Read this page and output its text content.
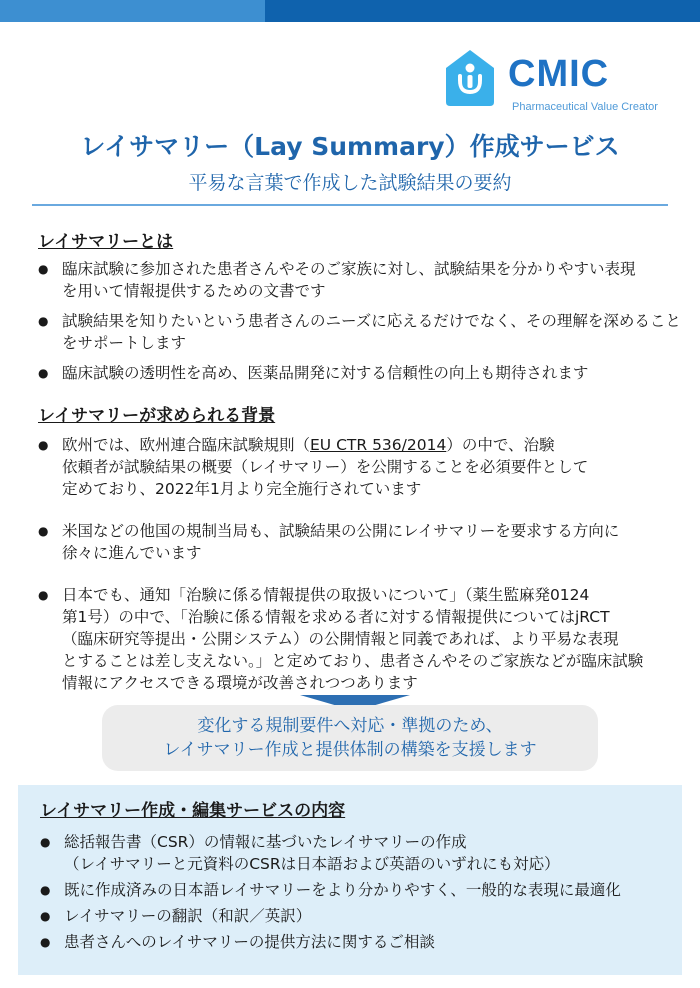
CMIC
Pharmaceutical Value Creator
レイサマリー（Lay Summary）作成サービス
平易な言葉で作成した試験結果の要約
レイサマリーとは
● 臨床試験に参加された患者さんやそのご家族に対し、試験結果を分かりやすい表現
を用いて情報提供するための文書です
● 試験結果を知りたいという患者さんのニーズに応えるだけでなく、その理解を深めること
をサポートします
● 臨床試験の透明性を高め、医薬品開発に対する信頼性の向上も期待されます
レイサマリーが求められる背景
● 欧州では、欧州連合臨床試験規則（EU CTR 536/2014）の中で、治験
依頼者が試験結果の概要（レイサマリー）を公開することを必須要件として
定めており、2022年1月より完全施行されています
● 米国などの他国の規制当局も、試験結果の公開にレイサマリーを要求する方向に
徐々に進んでいます
● 日本でも、通知「治験に係る情報提供の取扱いについて」（薬生監麻発0124
第1号）の中で、「治験に係る情報を求める者に対する情報提供についてはjRCT
（臨床研究等提出・公開システム）の公開情報と同義であれば、より平易な表現
とすることは差し支えない。」と定めており、患者さんやそのご家族などが臨床試験
情報にアクセスできる環境が改善されつつあります
変化する規制要件へ対応・準拠のため、
レイサマリー作成と提供体制の構築を支援します
レイサマリー作成・編集サービスの内容
● 総括報告書（CSR）の情報に基づいたレイサマリーの作成
（レイサマリーと元資料のCSRは日本語および英語のいずれにも対応）
● 既に作成済みの日本語レイサマリーをより分かりやすく、一般的な表現に最適化
● レイサマリーの翻訳（和訳／英訳）
● 患者さんへのレイサマリーの提供方法に関するご相談
